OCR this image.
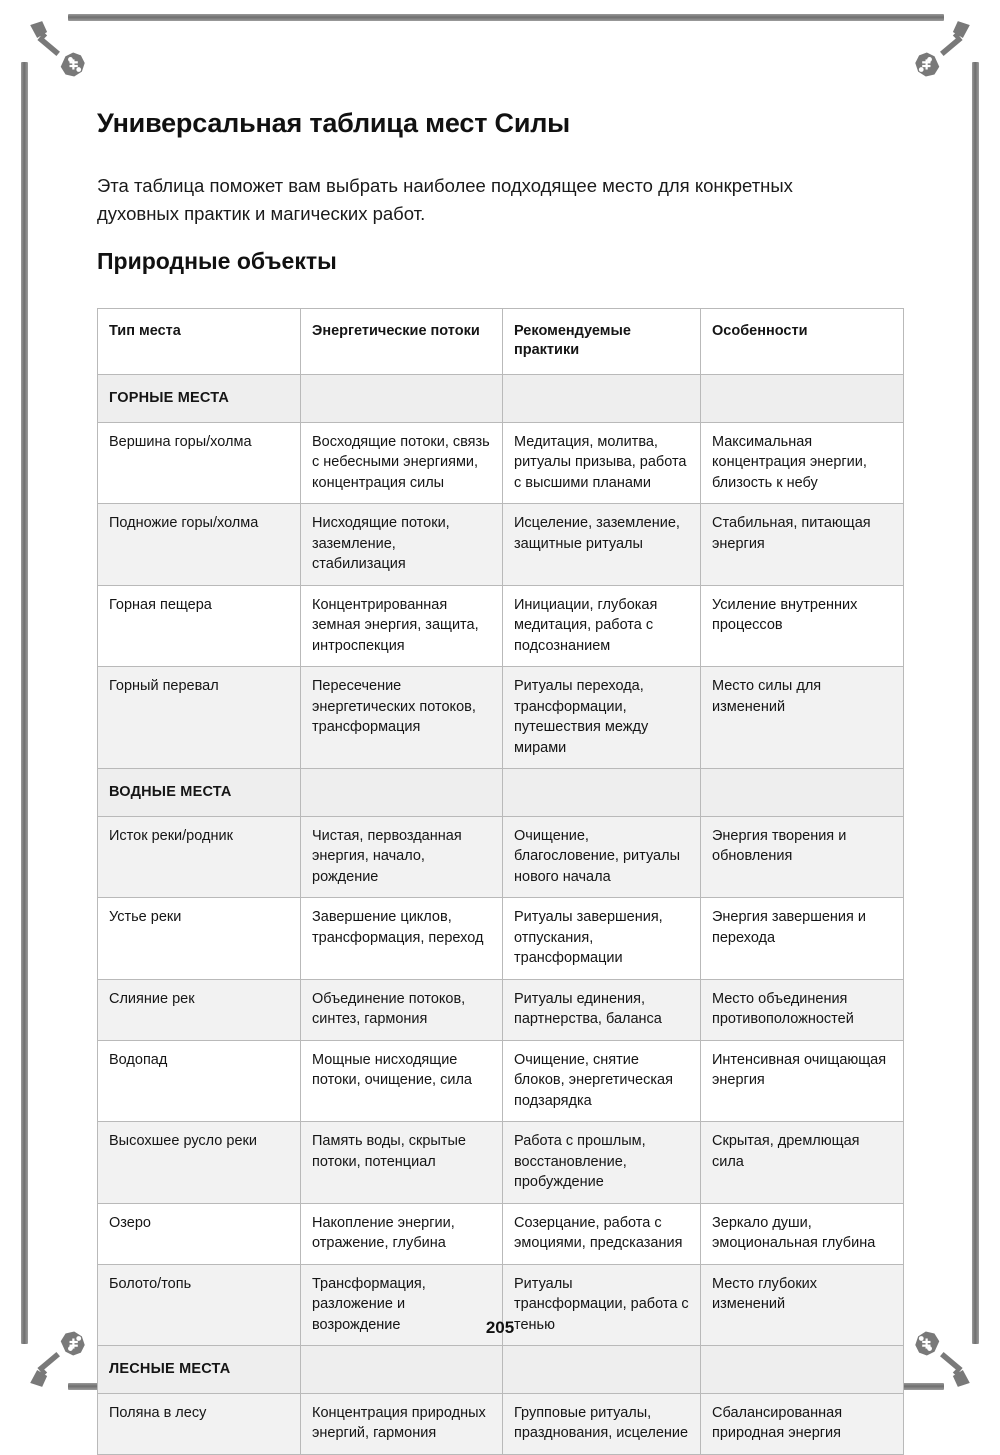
Универсальная таблица мест Силы

Эта таблица поможет вам выбрать наиболее подходящее место для конкретных духовных практик и магических работ.

Природные объекты
Тип места	Энергетические потоки	Рекомендуемые практики	Особенности
ГОРНЫЕ МЕСТА			
Вершина горы/холма	Восходящие потоки, связь с небесными энергиями, концентрация силы	Медитация, молитва, ритуалы призыва, работа с высшими планами	Максимальная концентрация энергии, близость к небу
Подножие горы/холма	Нисходящие потоки, заземление, стабилизация	Исцеление, заземление, защитные ритуалы	Стабильная, питающая энергия
Горная пещера	Концентрированная земная энергия, защита, интроспекция	Инициации, глубокая медитация, работа с подсознанием	Усиление внутренних процессов
Горный перевал	Пересечение энергетических потоков, трансформация	Ритуалы перехода, трансформации, путешествия между мирами	Место силы для изменений
ВОДНЫЕ МЕСТА			
Исток реки/родник	Чистая, первозданная энергия, начало, рождение	Очищение, благословение, ритуалы нового начала	Энергия творения и обновления
Устье реки	Завершение циклов, трансформация, переход	Ритуалы завершения, отпускания, трансформации	Энергия завершения и перехода
Слияние рек	Объединение потоков, синтез, гармония	Ритуалы единения, партнерства, баланса	Место объединения противоположностей
Водопад	Мощные нисходящие потоки, очищение, сила	Очищение, снятие блоков, энергетическая подзарядка	Интенсивная очищающая энергия
Высохшее русло реки	Память воды, скрытые потоки, потенциал	Работа с прошлым, восстановление, пробуждение	Скрытая, дремлющая сила
Озеро	Накопление энергии, отражение, глубина	Созерцание, работа с эмоциями, предсказания	Зеркало души, эмоциональная глубина
Болото/топь	Трансформация, разложение и возрождение	Ритуалы трансформации, работа с тенью	Место глубоких изменений
ЛЕСНЫЕ МЕСТА			
Поляна в лесу	Концентрация природных энергий, гармония	Групповые ритуалы, празднования, исцеление	Сбалансированная природная энергия
205
